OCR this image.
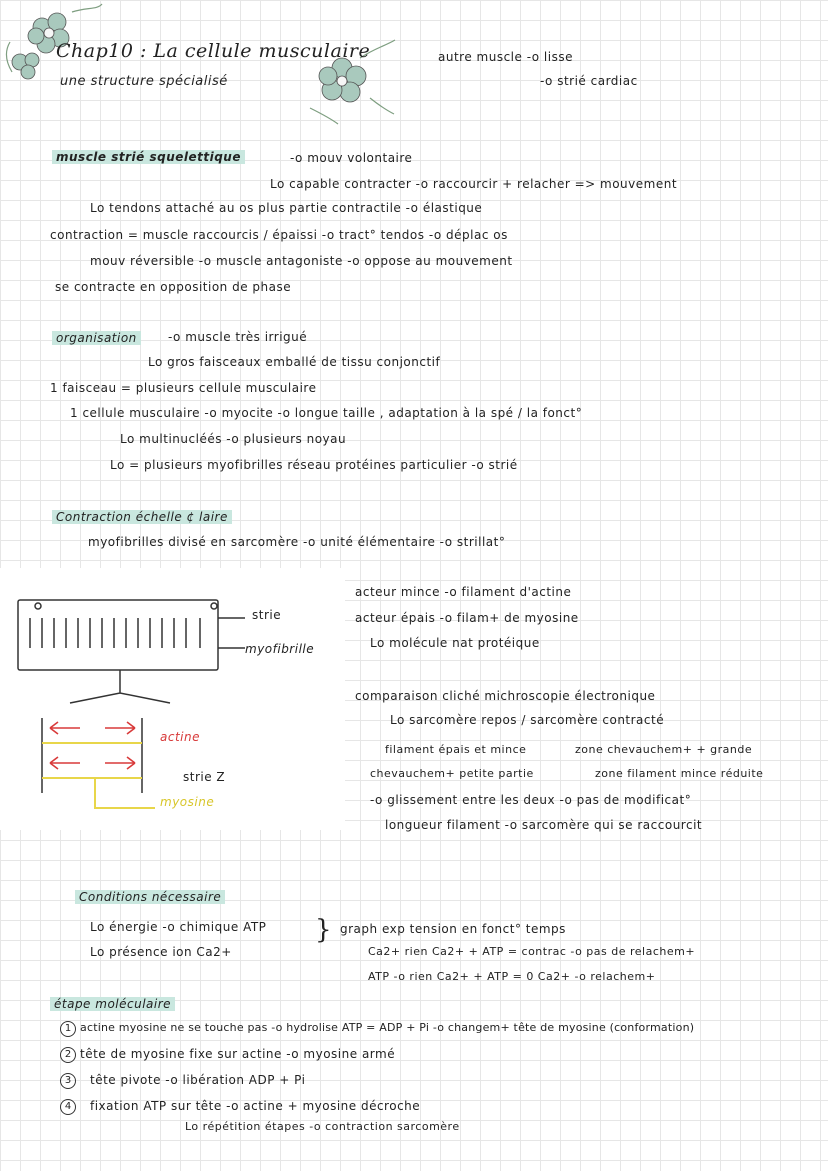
Chap10 : La cellule musculaire
une structure spécialisé
autre muscle -o lisse
-o strié cardiac
muscle strié squelettique	-o mouv volontaire
Lo capable contracter -o raccourcir + relacher => mouvement
Lo tendons attaché au os plus partie contractile -o élastique
contraction = muscle raccourcis / épaissi -o tract° tendos -o déplac os
mouv réversible -o muscle antagoniste -o oppose au mouvement
se contracte en opposition de phase
organisation	-o muscle très irrigué
Lo gros faisceaux emballé de tissu conjonctif
1 faisceau = plusieurs cellule musculaire
1 cellule musculaire -o myocite -o longue taille , adaptation à la spé / la fonct°
Lo multinucléés -o plusieurs noyau
Lo = plusieurs myofibrilles réseau protéines particulier -o strié
Contraction échelle ¢ laire
myofibrilles divisé en sarcomère -o unité élémentaire -o strillat°
strie
myofibrille
actine
strie Z
myosine
acteur mince -o filament d'actine
acteur épais -o filam+ de myosine
Lo molécule nat protéique
comparaison cliché michroscopie électronique
Lo sarcomère repos / sarcomère contracté
filament épais et mince	zone chevauchem+ + grande
chevauchem+ petite partie	zone filament mince réduite
-o glissement entre les deux -o pas de modificat°
longueur filament -o sarcomère qui se raccourcit
Conditions nécessaire
Lo énergie -o chimique ATP
Lo présence ion Ca2+
} graph exp tension en fonct° temps
Ca2+ rien Ca2+ + ATP = contrac -o pas de relachem+
ATP -o rien Ca2+ + ATP = 0 Ca2+ -o relachem+
étape moléculaire
1 actine myosine ne se touche pas -o hydrolise ATP = ADP + Pi -o changem+ tête de myosine (conformation)
2 tête de myosine fixe sur actine -o myosine armé
3	tête pivote -o libération ADP + Pi
4	fixation ATP sur tête -o actine + myosine décroche
Lo répétition étapes -o contraction sarcomère
